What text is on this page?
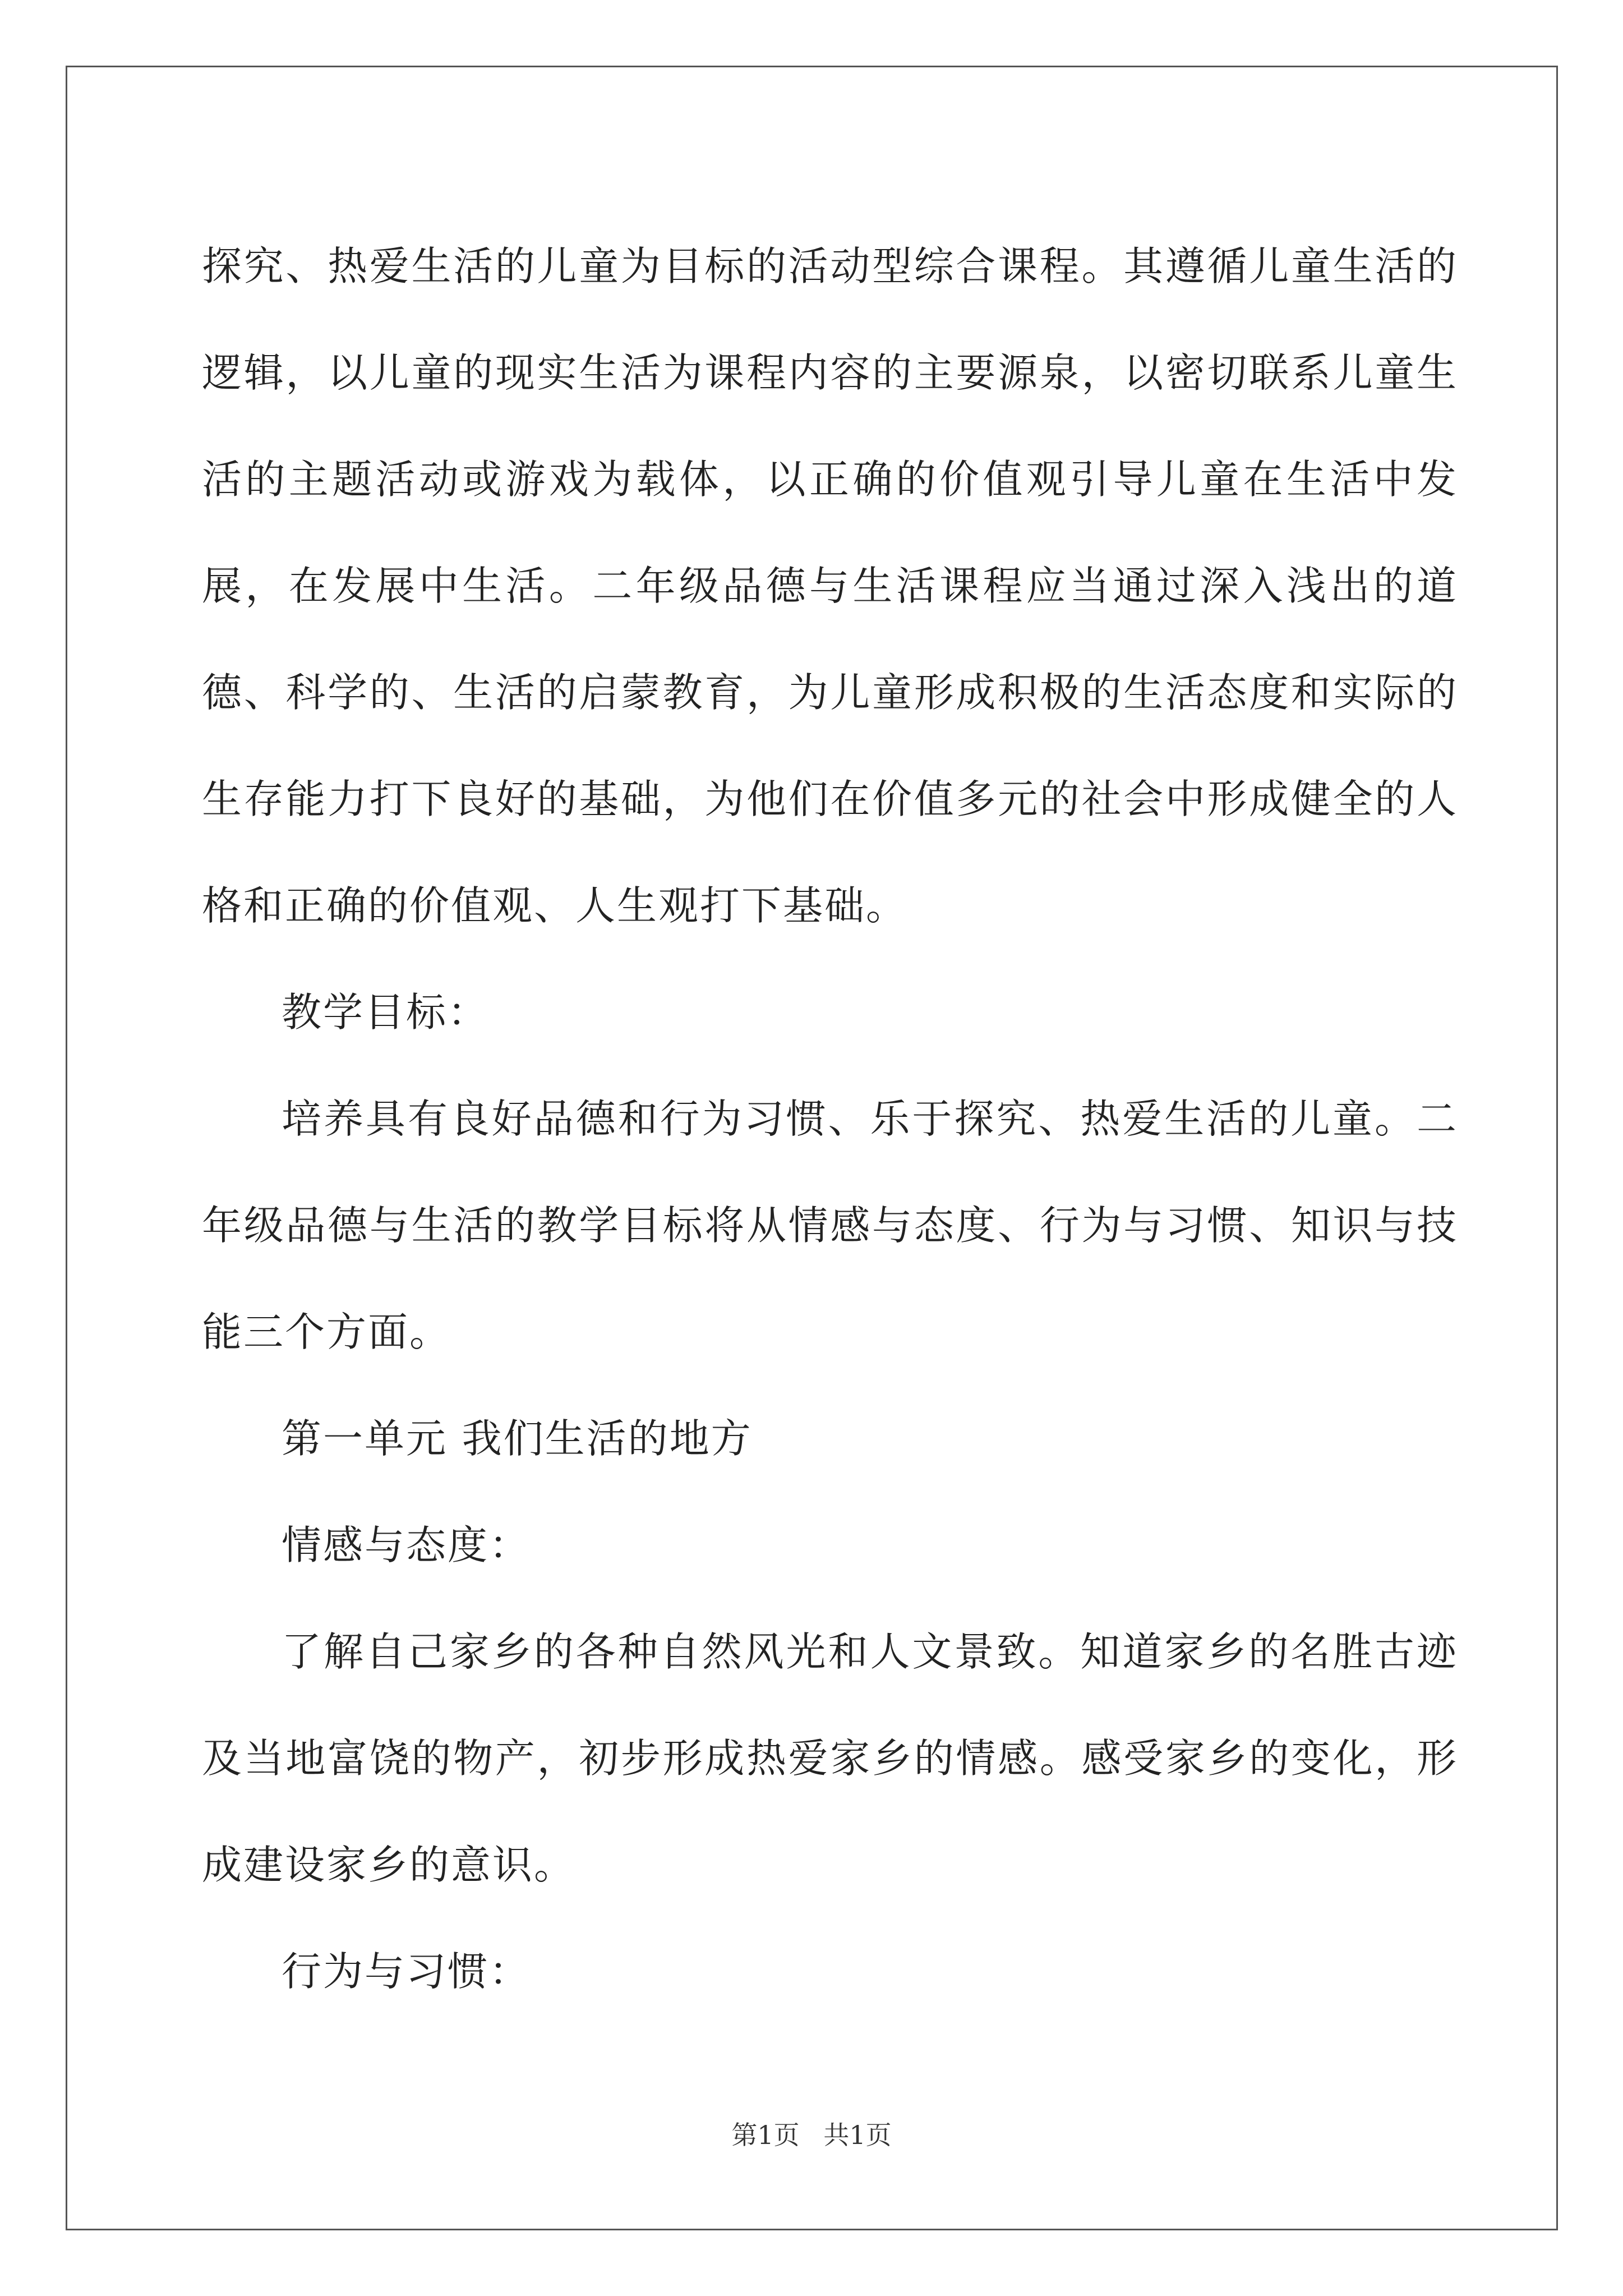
探究、热爱生活的儿童为目标的活动型综合课程。其遵循儿童生活的逻辑，以儿童的现实生活为课程内容的主要源泉，以密切联系儿童生活的主题活动或游戏为载体，以正确的价值观引导儿童在生活中发展，在发展中生活。二年级品德与生活课程应当通过深入浅出的道德、科学的、生活的启蒙教育，为儿童形成积极的生活态度和实际的生存能力打下良好的基础，为他们在价值多元的社会中形成健全的人格和正确的价值观、人生观打下基础。

教学目标：

培养具有良好品德和行为习惯、乐于探究、热爱生活的儿童。二年级品德与生活的教学目标将从情感与态度、行为与习惯、知识与技能三个方面。

第一单元 我们生活的地方

情感与态度：

了解自己家乡的各种自然风光和人文景致。知道家乡的名胜古迹及当地富饶的物产，初步形成热爱家乡的情感。感受家乡的变化，形成建设家乡的意识。

行为与习惯：

第1页 共1页
